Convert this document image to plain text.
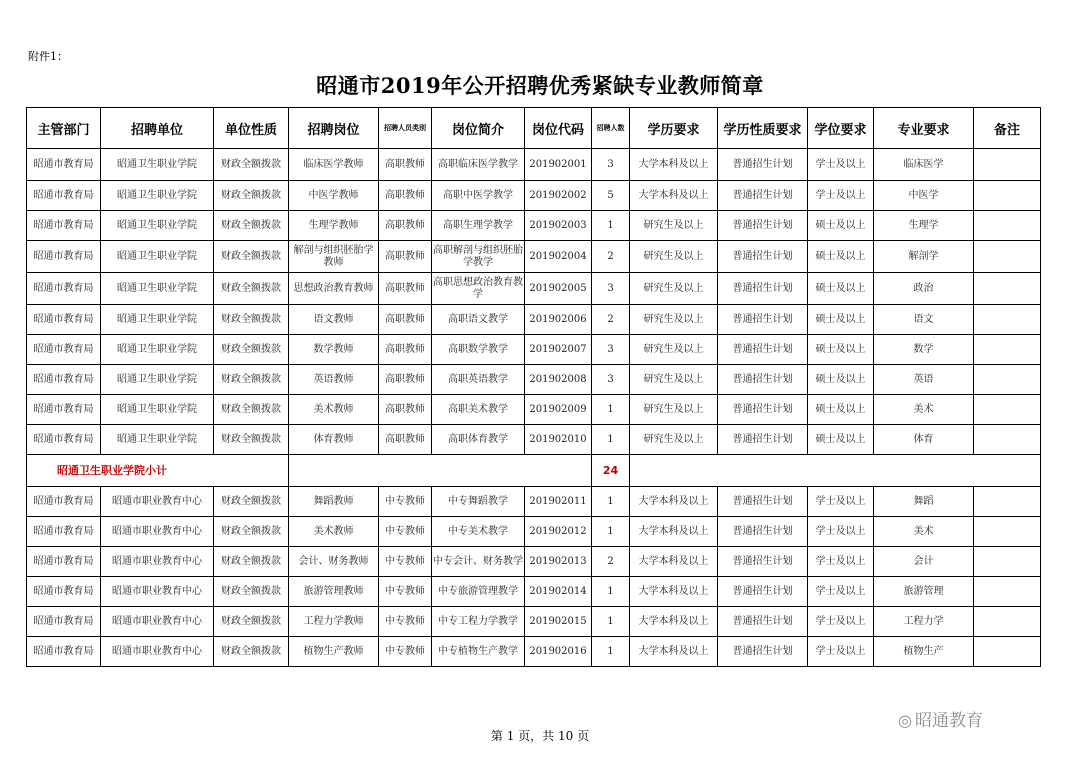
附件1：
昭通市2019年公开招聘优秀紧缺专业教师简章
主管部门	招聘单位	单位性质	招聘岗位	招聘人员类别	岗位简介	岗位代码	招聘人数	学历要求	学历性质要求	学位要求	专业要求	备注
昭通市教育局	昭通卫生职业学院	财政全额拨款	临床医学教师	高职教师	高职临床医学教学	201902001	3	大学本科及以上	普通招生计划	学士及以上	临床医学	
昭通市教育局	昭通卫生职业学院	财政全额拨款	中医学教师	高职教师	高职中医学教学	201902002	5	大学本科及以上	普通招生计划	学士及以上	中医学	
昭通市教育局	昭通卫生职业学院	财政全额拨款	生理学教师	高职教师	高职生理学教学	201902003	1	研究生及以上	普通招生计划	硕士及以上	生理学	
昭通市教育局	昭通卫生职业学院	财政全额拨款	解剖与组织胚胎学教师	高职教师	高职解剖与组织胚胎学教学	201902004	2	研究生及以上	普通招生计划	硕士及以上	解剖学	
昭通市教育局	昭通卫生职业学院	财政全额拨款	思想政治教育教师	高职教师	高职思想政治教育教学	201902005	3	研究生及以上	普通招生计划	硕士及以上	政治	
昭通市教育局	昭通卫生职业学院	财政全额拨款	语文教师	高职教师	高职语文教学	201902006	2	研究生及以上	普通招生计划	硕士及以上	语文	
昭通市教育局	昭通卫生职业学院	财政全额拨款	数学教师	高职教师	高职数学教学	201902007	3	研究生及以上	普通招生计划	硕士及以上	数学	
昭通市教育局	昭通卫生职业学院	财政全额拨款	英语教师	高职教师	高职英语教学	201902008	3	研究生及以上	普通招生计划	硕士及以上	英语	
昭通市教育局	昭通卫生职业学院	财政全额拨款	美术教师	高职教师	高职美术教学	201902009	1	研究生及以上	普通招生计划	硕士及以上	美术	
昭通市教育局	昭通卫生职业学院	财政全额拨款	体育教师	高职教师	高职体育教学	201902010	1	研究生及以上	普通招生计划	硕士及以上	体育	
昭通卫生职业学院小计							24					
昭通市教育局	昭通市职业教育中心	财政全额拨款	舞蹈教师	中专教师	中专舞蹈教学	201902011	1	大学本科及以上	普通招生计划	学士及以上	舞蹈	
昭通市教育局	昭通市职业教育中心	财政全额拨款	美术教师	中专教师	中专美术教学	201902012	1	大学本科及以上	普通招生计划	学士及以上	美术	
昭通市教育局	昭通市职业教育中心	财政全额拨款	会计、财务教师	中专教师	中专会计、财务教学	201902013	2	大学本科及以上	普通招生计划	学士及以上	会计	
昭通市教育局	昭通市职业教育中心	财政全额拨款	旅游管理教师	中专教师	中专旅游管理教学	201902014	1	大学本科及以上	普通招生计划	学士及以上	旅游管理	
昭通市教育局	昭通市职业教育中心	财政全额拨款	工程力学教师	中专教师	中专工程力学教学	201902015	1	大学本科及以上	普通招生计划	学士及以上	工程力学	
昭通市教育局	昭通市职业教育中心	财政全额拨款	植物生产教师	中专教师	中专植物生产教学	201902016	1	大学本科及以上	普通招生计划	学士及以上	植物生产	
第 1 页，共 10 页
◎ 昭通教育
